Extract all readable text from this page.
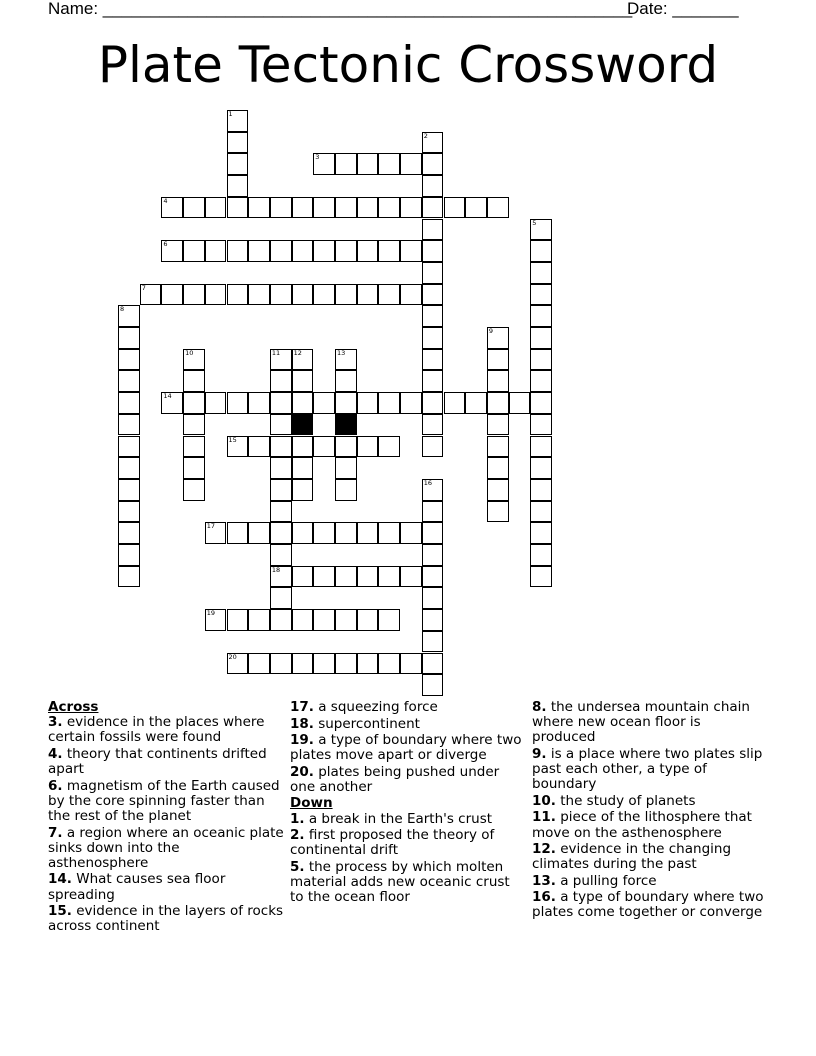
Name: ________________________________________________________
Date: _______
Plate Tectonic Crossword
3
4
6
7
14
15
17
18
19
20
1
2
5
8
9
10	11 12	13
16
Across
3. evidence in the places where certain fossils were found
4. theory that continents drifted apart
6. magnetism of the Earth caused by the core spinning faster than the rest of the planet
7. a region where an oceanic plate sinks down into the asthenosphere
14. What causes sea floor spreading
15. evidence in the layers of rocks across continent
17. a squeezing force
18. supercontinent
19. a type of boundary where two plates move apart or diverge
20. plates being pushed under one another
Down
1. a break in the Earth's crust
2. first proposed the theory of continental drift
5. the process by which molten material adds new oceanic crust to the ocean floor
8. the undersea mountain chain where new ocean floor is produced
9. is a place where two plates slip past each other, a type of boundary
10. the study of planets
11. piece of the lithosphere that move on the asthenosphere
12. evidence in the changing climates during the past
13. a pulling force
16. a type of boundary where two plates come together or converge
